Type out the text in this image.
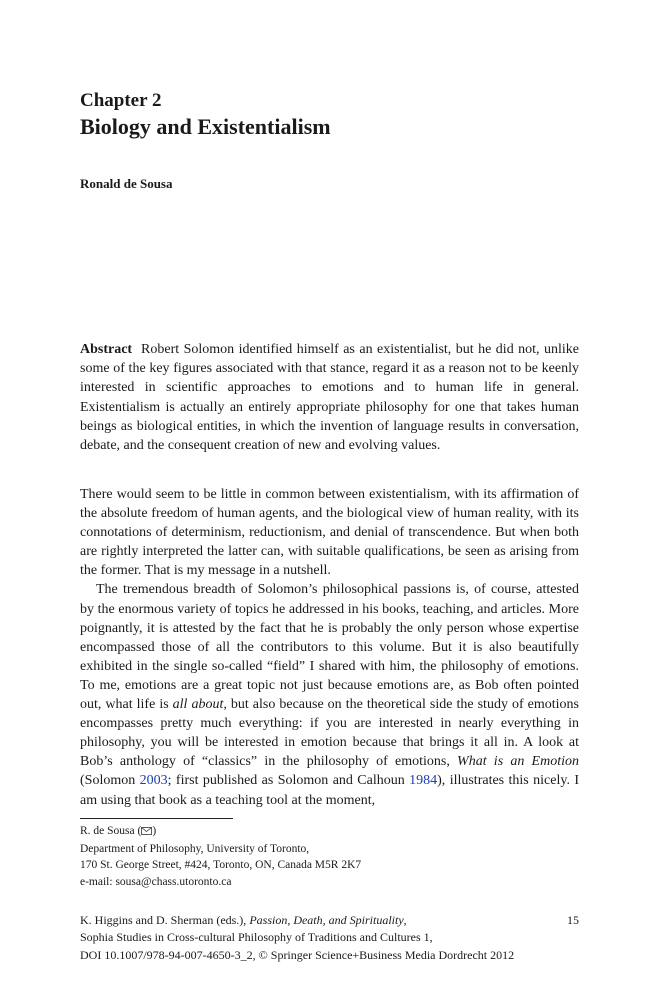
Chapter 2
Biology and Existentialism
Ronald de Sousa

Abstract Robert Solomon identified himself as an existentialist, but he did not, unlike some of the key figures associated with that stance, regard it as a reason not to be keenly interested in scientific approaches to emotions and to human life in general. Existentialism is actually an entirely appropriate philosophy for one that takes human beings as biological entities, in which the invention of language results in conversation, debate, and the consequent creation of new and evolving values.

There would seem to be little in common between existentialism, with its affirmation of the absolute freedom of human agents, and the biological view of human reality, with its connotations of determinism, reductionism, and denial of transcendence. But when both are rightly interpreted the latter can, with suitable qualifications, be seen as arising from the former. That is my message in a nutshell.

The tremendous breadth of Solomon’s philosophical passions is, of course, attested by the enormous variety of topics he addressed in his books, teaching, and articles. More poignantly, it is attested by the fact that he is probably the only person whose expertise encompassed those of all the contributors to this volume. But it is also beautifully exhibited in the single so-called “field” I shared with him, the philosophy of emotions. To me, emotions are a great topic not just because emotions are, as Bob often pointed out, what life is all about, but also because on the theoretical side the study of emotions encompasses pretty much everything: if you are interested in nearly everything in philosophy, you will be interested in emotion because that brings it all in. A look at Bob’s anthology of “classics” in the philosophy of emotions, What is an Emotion (Solomon 2003; first published as Solomon and Calhoun 1984), illustrates this nicely. I am using that book as a teaching tool at the moment,

R. de Sousa ( )
Department of Philosophy, University of Toronto,
170 St. George Street, #424, Toronto, ON, Canada M5R 2K7
e-mail: sousa@chass.utoronto.ca
K. Higgins and D. Sherman (eds.), Passion, Death, and Spirituality,
Sophia Studies in Cross-cultural Philosophy of Traditions and Cultures 1,
DOI 10.1007/978-94-007-4650-3_2, © Springer Science+Business Media Dordrecht 2012
15
